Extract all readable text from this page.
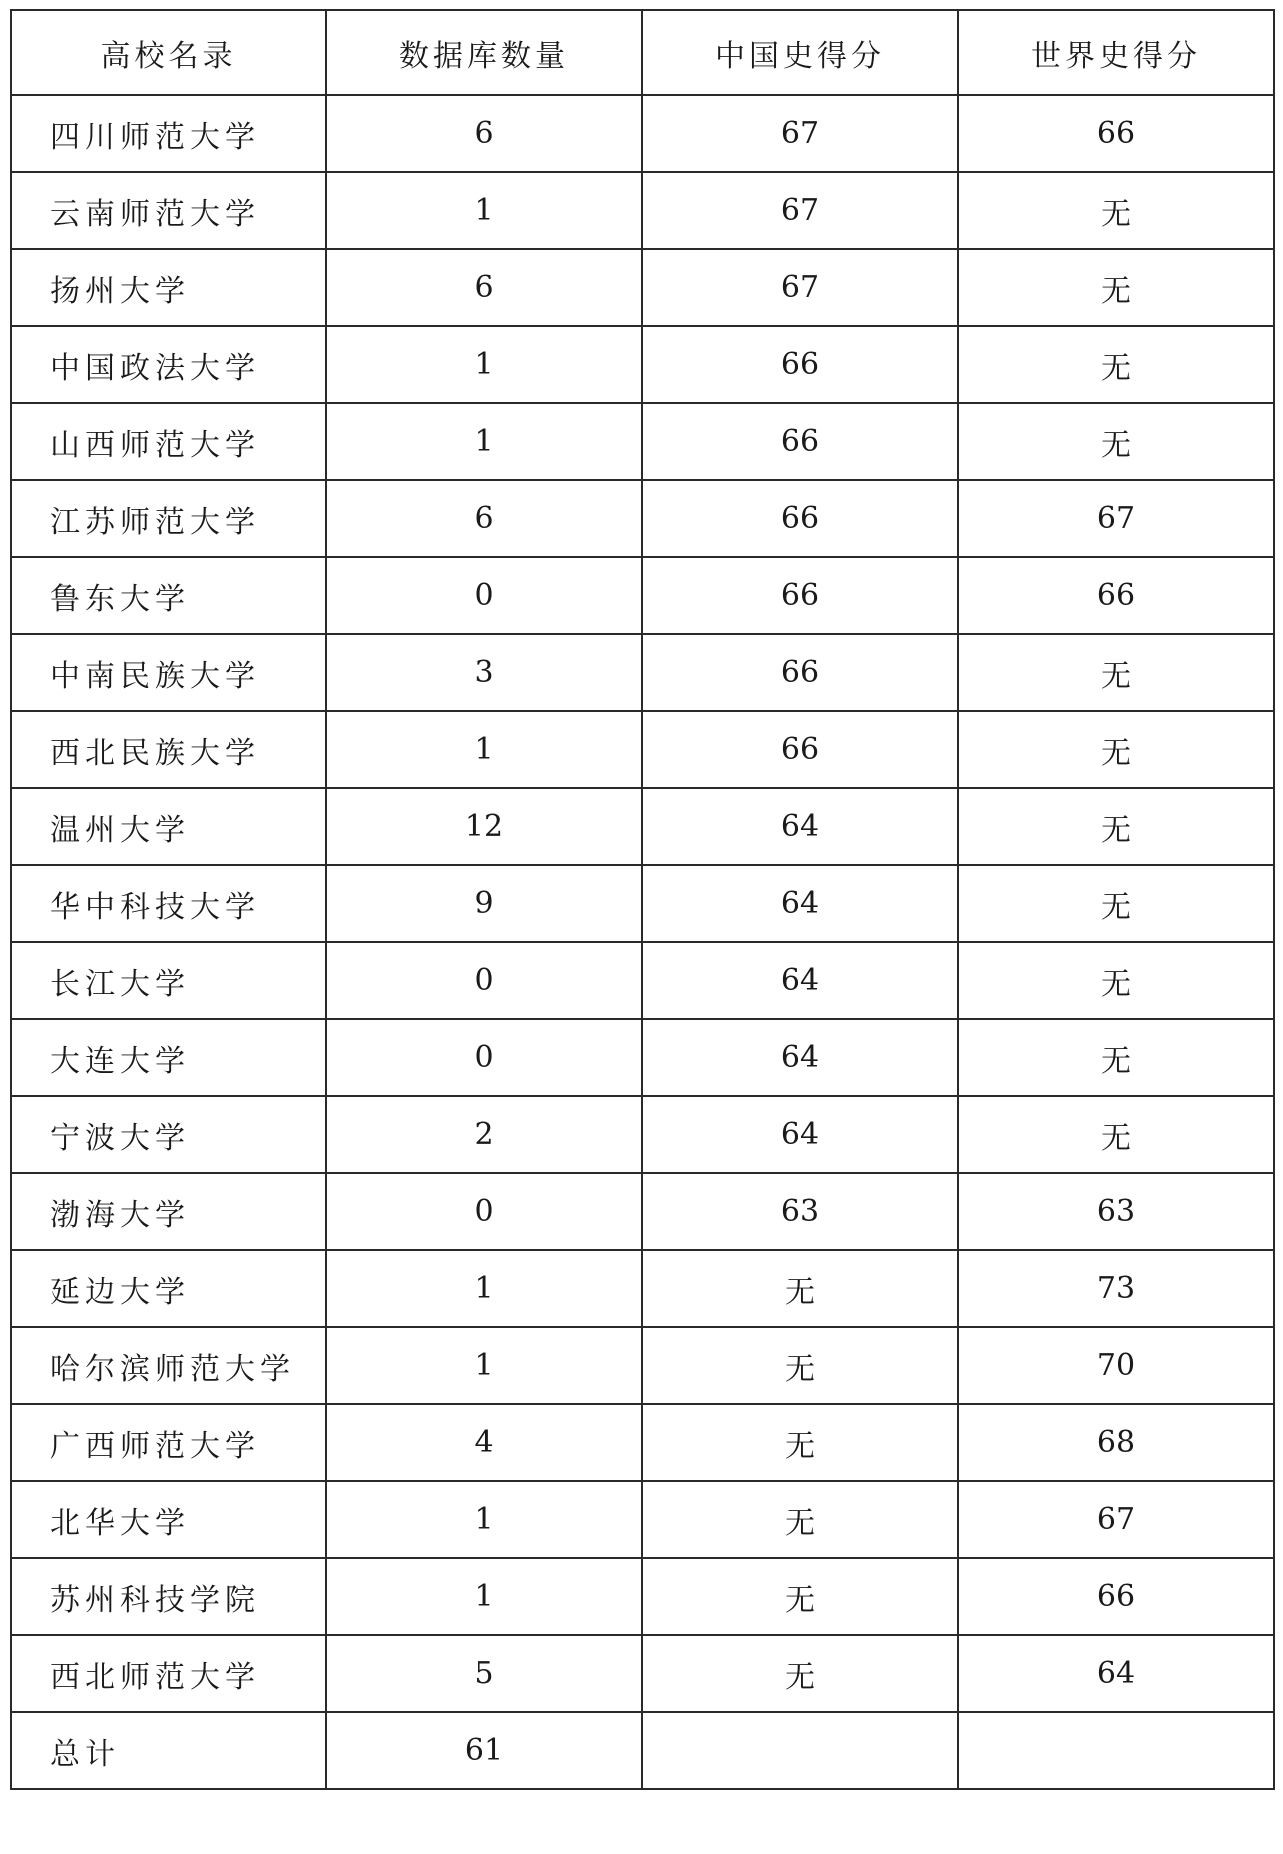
高校名录	数据库数量	中国史得分	世界史得分
四川师范大学	6	67	66
云南师范大学	1	67	无
扬州大学	6	67	无
中国政法大学	1	66	无
山西师范大学	1	66	无
江苏师范大学	6	66	67
鲁东大学	0	66	66
中南民族大学	3	66	无
西北民族大学	1	66	无
温州大学	12	64	无
华中科技大学	9	64	无
长江大学	0	64	无
大连大学	0	64	无
宁波大学	2	64	无
渤海大学	0	63	63
延边大学	1	无	73
哈尔滨师范大学	1	无	70
广西师范大学	4	无	68
北华大学	1	无	67
苏州科技学院	1	无	66
西北师范大学	5	无	64
总计	61		
